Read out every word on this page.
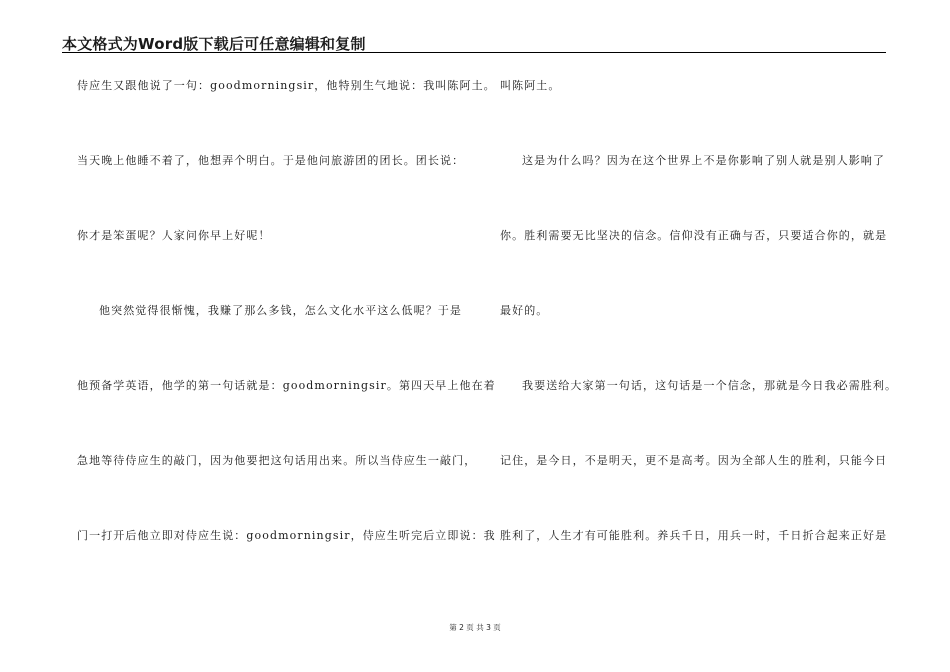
本文格式为Word版下载后可任意编辑和复制
侍应生又跟他说了一句：goodmorningsir，他特别生气地说：我叫陈阿土。
当天晚上他睡不着了，他想弄个明白。于是他问旅游团的团长。团长说：
你才是笨蛋呢？人家问你早上好呢！
他突然觉得很惭愧，我赚了那么多钱，怎么文化水平这么低呢？于是
他预备学英语，他学的第一句话就是：goodmorningsir。第四天早上他在着
急地等待侍应生的敲门，因为他要把这句话用出来。所以当侍应生一敲门，
门一打开后他立即对侍应生说：goodmorningsir，侍应生听完后立即说：我
叫陈阿土。
这是为什么吗？因为在这个世界上不是你影响了别人就是别人影响了
你。胜利需要无比坚决的信念。信仰没有正确与否，只要适合你的，就是
最好的。
我要送给大家第一句话，这句话是一个信念，那就是今日我必需胜利。
记住，是今日，不是明天，更不是高考。因为全部人生的胜利，只能今日
胜利了，人生才有可能胜利。养兵千日，用兵一时，千日折合起来正好是
第 2 页 共 3 页
